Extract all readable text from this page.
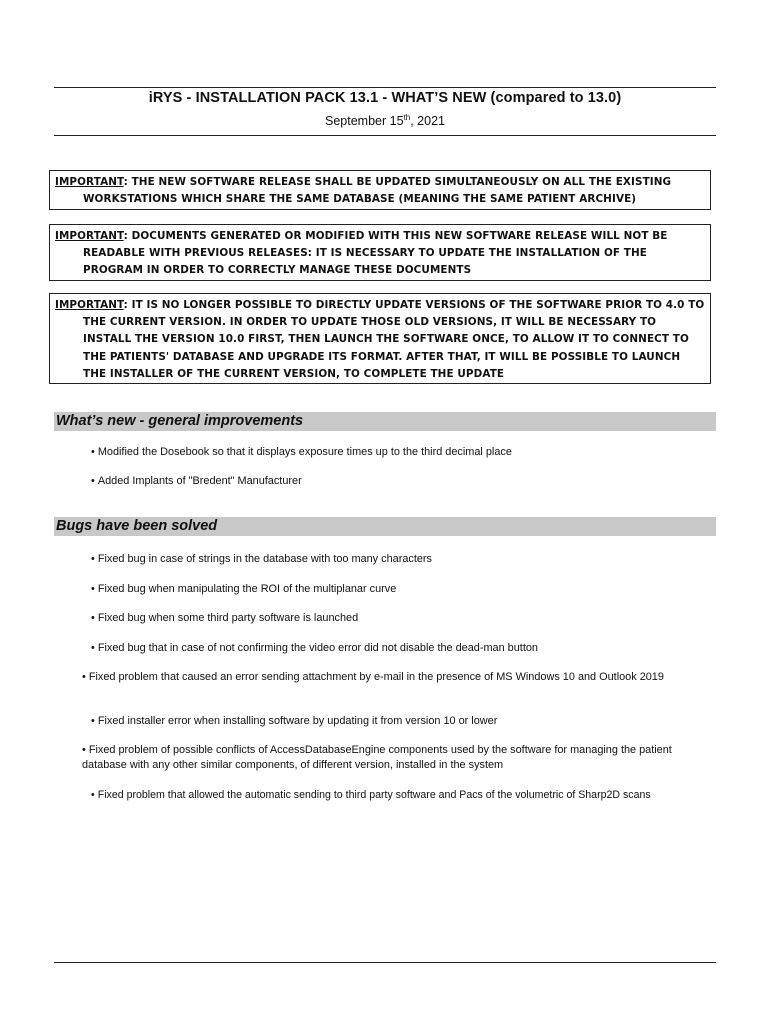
iRYS - INSTALLATION PACK 13.1 - WHAT’S NEW (compared to 13.0)
September 15th, 2021
IMPORTANT: THE NEW SOFTWARE RELEASE SHALL BE UPDATED SIMULTANEOUSLY ON ALL THE EXISTING WORKSTATIONS WHICH SHARE THE SAME DATABASE (MEANING THE SAME PATIENT ARCHIVE)
IMPORTANT: DOCUMENTS GENERATED OR MODIFIED WITH THIS NEW SOFTWARE RELEASE WILL NOT BE READABLE WITH PREVIOUS RELEASES: IT IS NECESSARY TO UPDATE THE INSTALLATION OF THE PROGRAM IN ORDER TO CORRECTLY MANAGE THESE DOCUMENTS
IMPORTANT: IT IS NO LONGER POSSIBLE TO DIRECTLY UPDATE VERSIONS OF THE SOFTWARE PRIOR TO 4.0 TO THE CURRENT VERSION. IN ORDER TO UPDATE THOSE OLD VERSIONS, IT WILL BE NECESSARY TO INSTALL THE VERSION 10.0 FIRST, THEN LAUNCH THE SOFTWARE ONCE, TO ALLOW IT TO CONNECT TO THE PATIENTS' DATABASE AND UPGRADE ITS FORMAT. AFTER THAT, IT WILL BE POSSIBLE TO LAUNCH THE INSTALLER OF THE CURRENT VERSION, TO COMPLETE THE UPDATE
What’s new - general improvements
• Modified the Dosebook so that it displays exposure times up to the third decimal place
• Added Implants of "Bredent" Manufacturer
Bugs have been solved
• Fixed bug in case of strings in the database with too many characters
• Fixed bug when manipulating the ROI of the multiplanar curve
• Fixed bug when some third party software is launched
• Fixed bug that in case of not confirming the video error did not disable the dead-man button
• Fixed problem that caused an error sending attachment by e-mail in the presence of MS Windows 10 and Outlook 2019
• Fixed installer error when installing software by updating it from version 10 or lower
• Fixed problem of possible conflicts of AccessDatabaseEngine components used by the software for managing the patient database with any other similar components, of different version, installed in the system
• Fixed problem that allowed the automatic sending to third party software and Pacs of the volumetric of Sharp2D scans
